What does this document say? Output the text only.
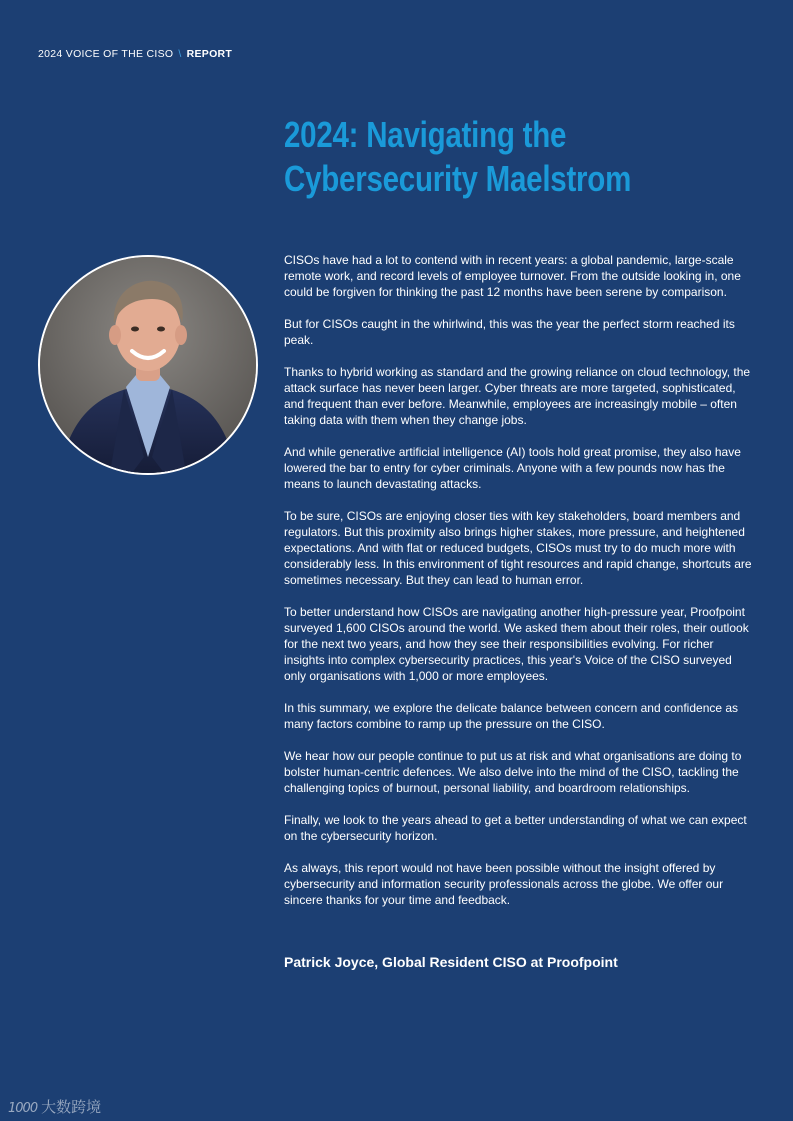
2024 VOICE OF THE CISO \ REPORT
2024: Navigating the
Cybersecurity Maelstrom

CISOs have had a lot to contend with in recent years: a global pandemic, large-scale remote work, and record levels of employee turnover. From the outside looking in, one could be forgiven for thinking the past 12 months have been serene by comparison.

But for CISOs caught in the whirlwind, this was the year the perfect storm reached its peak.

Thanks to hybrid working as standard and the growing reliance on cloud technology, the attack surface has never been larger. Cyber threats are more targeted, sophisticated, and frequent than ever before. Meanwhile, employees are increasingly mobile – often taking data with them when they change jobs.

And while generative artificial intelligence (AI) tools hold great promise, they also have lowered the bar to entry for cyber criminals. Anyone with a few pounds now has the means to launch devastating attacks.

To be sure, CISOs are enjoying closer ties with key stakeholders, board members and regulators. But this proximity also brings higher stakes, more pressure, and heightened expectations. And with flat or reduced budgets, CISOs must try to do much more with considerably less. In this environment of tight resources and rapid change, shortcuts are sometimes necessary. But they can lead to human error.

To better understand how CISOs are navigating another high-pressure year, Proofpoint surveyed 1,600 CISOs around the world. We asked them about their roles, their outlook for the next two years, and how they see their responsibilities evolving. For richer insights into complex cybersecurity practices, this year's Voice of the CISO surveyed only organisations with 1,000 or more employees.

In this summary, we explore the delicate balance between concern and confidence as many factors combine to ramp up the pressure on the CISO.

We hear how our people continue to put us at risk and what organisations are doing to bolster human-centric defences. We also delve into the mind of the CISO, tackling the challenging topics of burnout, personal liability, and boardroom relationships.

Finally, we look to the years ahead to get a better understanding of what we can expect on the cybersecurity horizon.

As always, this report would not have been possible without the insight offered by cybersecurity and information security professionals across the globe. We offer our sincere thanks for your time and feedback.

Patrick Joyce, Global Resident CISO at Proofpoint
1000 大数跨境
